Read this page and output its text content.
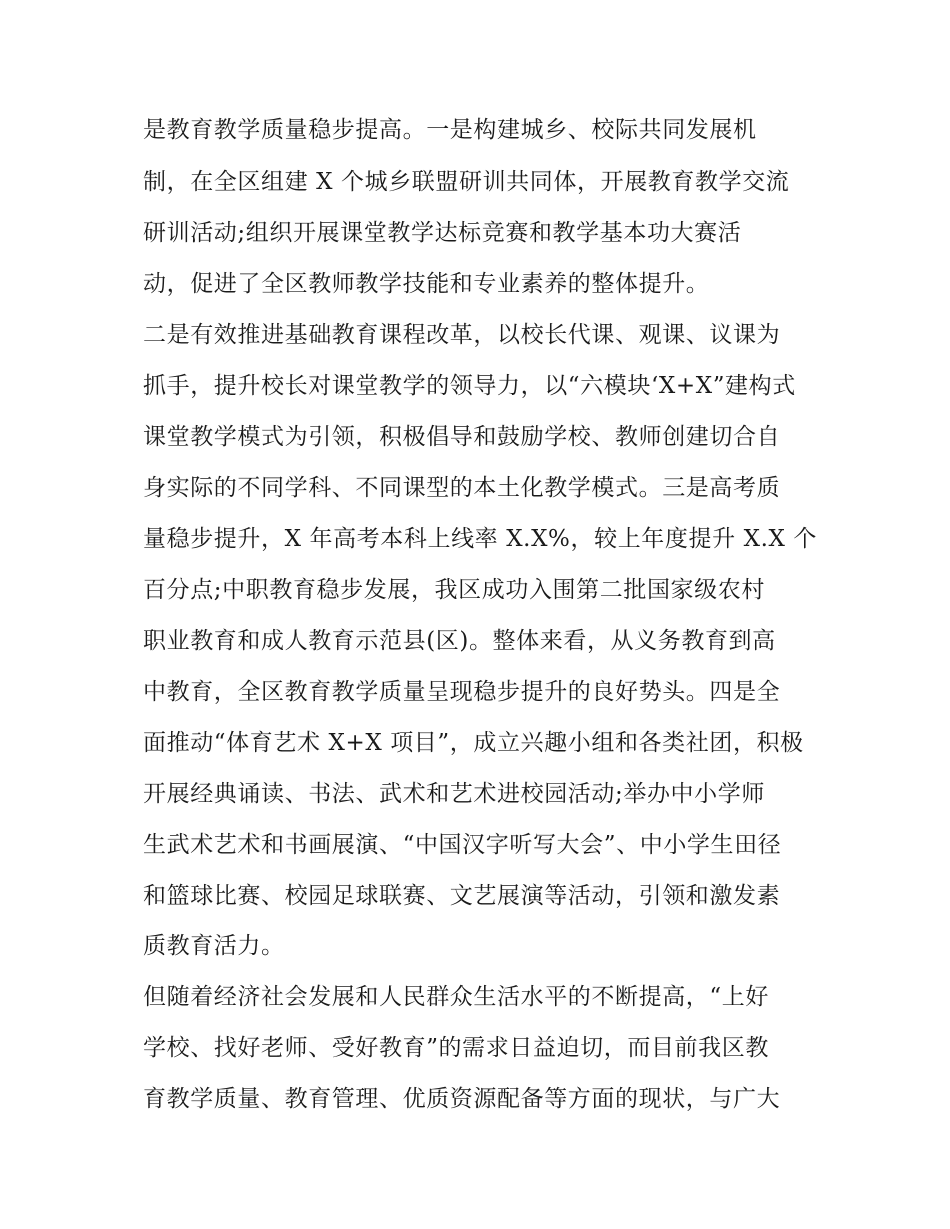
是教育教学质量稳步提高。一是构建城乡、校际共同发展机
制，在全区组建 X 个城乡联盟研训共同体，开展教育教学交流
研训活动;组织开展课堂教学达标竞赛和教学基本功大赛活
动，促进了全区教师教学技能和专业素养的整体提升。
二是有效推进基础教育课程改革，以校长代课、观课、议课为
抓手，提升校长对课堂教学的领导力，以“六模块‘X+X”建构式
课堂教学模式为引领，积极倡导和鼓励学校、教师创建切合自
身实际的不同学科、不同课型的本土化教学模式。三是高考质
量稳步提升，X 年高考本科上线率 X.X%，较上年度提升 X.X 个
百分点;中职教育稳步发展，我区成功入围第二批国家级农村
职业教育和成人教育示范县(区)。整体来看，从义务教育到高
中教育，全区教育教学质量呈现稳步提升的良好势头。四是全
面推动“体育艺术 X+X 项目”，成立兴趣小组和各类社团，积极
开展经典诵读、书法、武术和艺术进校园活动;举办中小学师
生武术艺术和书画展演、“中国汉字听写大会”、中小学生田径
和篮球比赛、校园足球联赛、文艺展演等活动，引领和激发素
质教育活力。
但随着经济社会发展和人民群众生活水平的不断提高，“上好
学校、找好老师、受好教育”的需求日益迫切，而目前我区教
育教学质量、教育管理、优质资源配备等方面的现状，与广大
